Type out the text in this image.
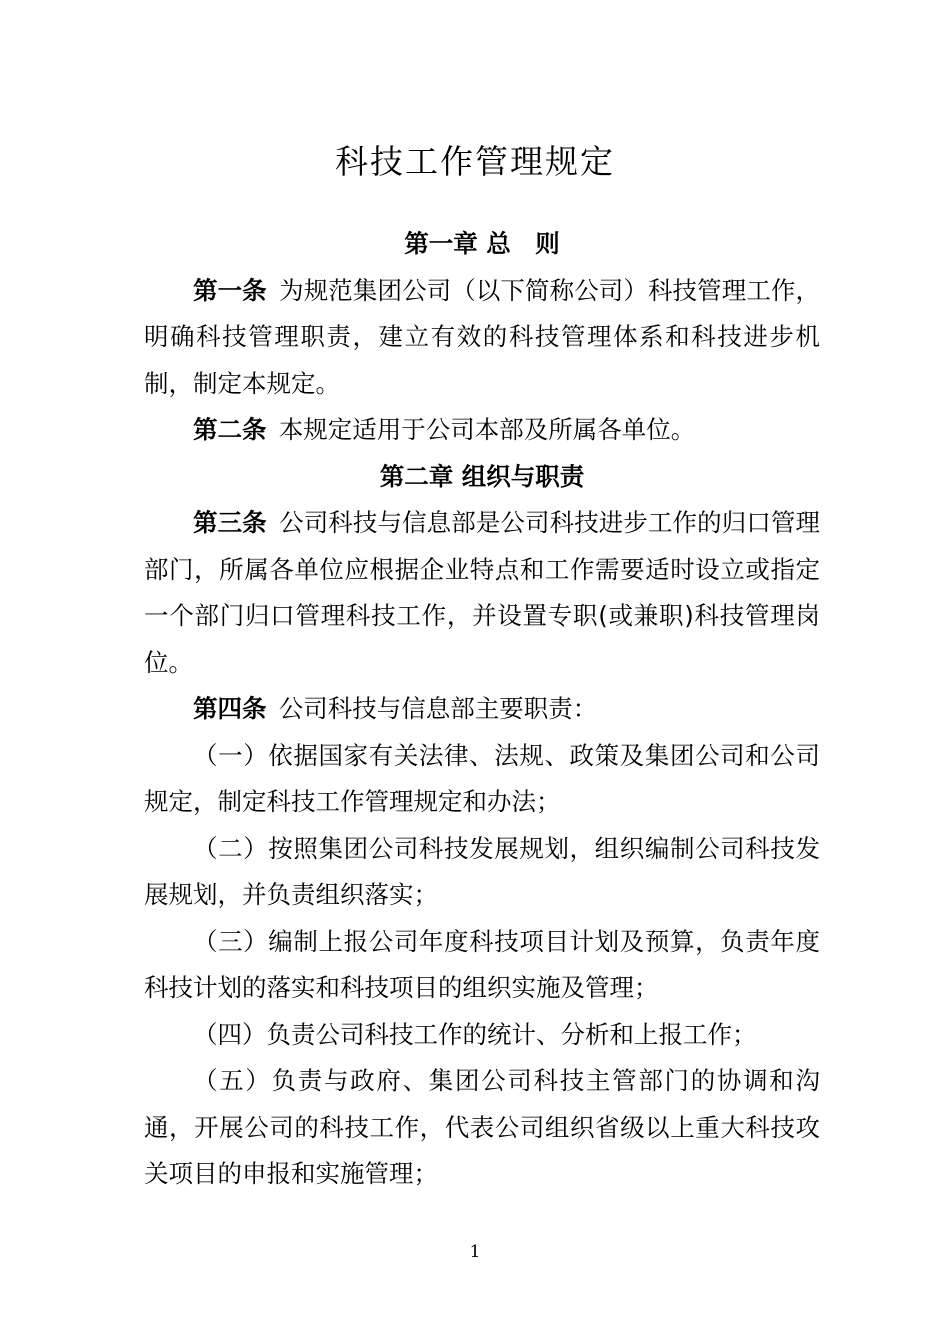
科技工作管理规定

第一章 总　则

第一条  为规范集团公司（以下简称公司）科技管理工作，明确科技管理职责，建立有效的科技管理体系和科技进步机制，制定本规定。

第二条  本规定适用于公司本部及所属各单位。

第二章 组织与职责

第三条  公司科技与信息部是公司科技进步工作的归口管理部门，所属各单位应根据企业特点和工作需要适时设立或指定一个部门归口管理科技工作，并设置专职(或兼职)科技管理岗位。

第四条  公司科技与信息部主要职责：

（一）依据国家有关法律、法规、政策及集团公司和公司规定，制定科技工作管理规定和办法；

（二）按照集团公司科技发展规划，组织编制公司科技发展规划，并负责组织落实；

（三）编制上报公司年度科技项目计划及预算，负责年度科技计划的落实和科技项目的组织实施及管理；

（四）负责公司科技工作的统计、分析和上报工作；

（五）负责与政府、集团公司科技主管部门的协调和沟通，开展公司的科技工作，代表公司组织省级以上重大科技攻关项目的申报和实施管理；

1
